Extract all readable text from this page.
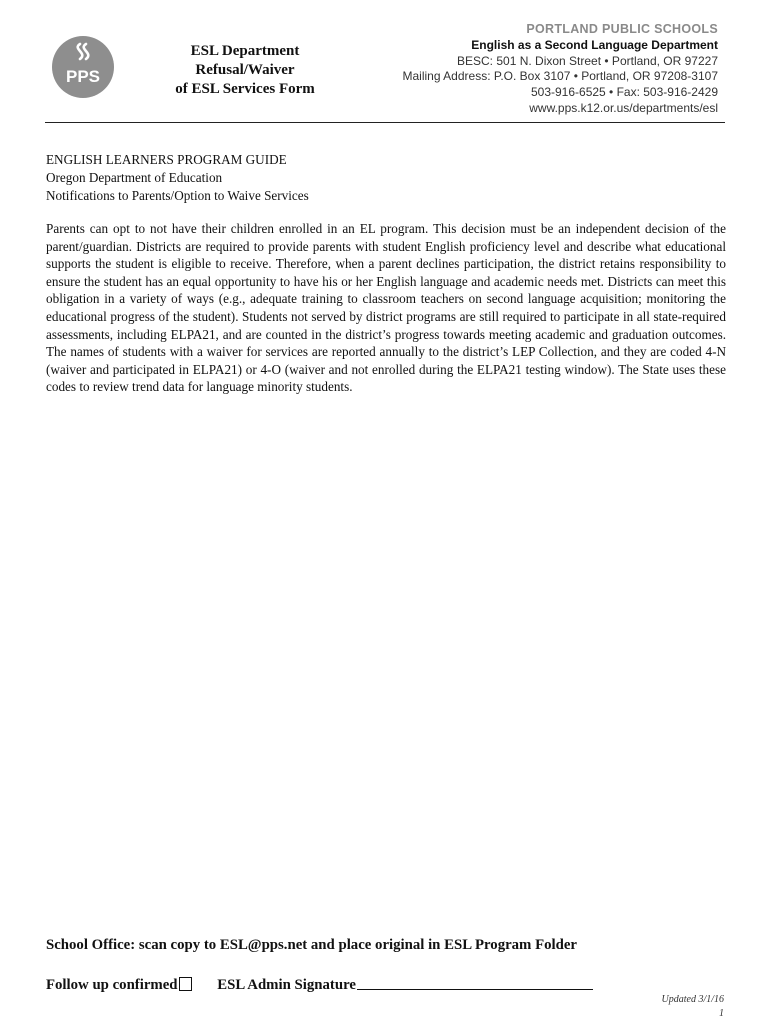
PPS
ESL Department
Refusal/Waiver
of ESL Services Form
PORTLAND PUBLIC SCHOOLS
English as a Second Language Department
BESC: 501 N. Dixon Street • Portland, OR 97227
Mailing Address: P.O. Box 3107 • Portland, OR 97208-3107
503-916-6525 • Fax: 503-916-2429
www.pps.k12.or.us/departments/esl
ENGLISH LEARNERS PROGRAM GUIDE
Oregon Department of Education
Notifications to Parents/Option to Waive Services

Parents can opt to not have their children enrolled in an EL program. This decision must be an independent decision of the parent/guardian. Districts are required to provide parents with student English proficiency level and describe what educational supports the student is eligible to receive. Therefore, when a parent declines participation, the district retains responsibility to ensure the student has an equal opportunity to have his or her English language and academic needs met. Districts can meet this obligation in a variety of ways (e.g., adequate training to classroom teachers on second language acquisition; monitoring the educational progress of the student). Students not served by district programs are still required to participate in all state-required assessments, including ELPA21, and are counted in the district’s progress towards meeting academic and graduation outcomes. The names of students with a waiver for services are reported annually to the district’s LEP Collection, and they are coded 4-N (waiver and participated in ELPA21) or 4-O (waiver and not enrolled during the ELPA21 testing window). The State uses these codes to review trend data for language minority students.

School Office: scan copy to ESL@pps.net and place original in ESL Program Folder
Follow up confirmed	ESL Admin Signature
Updated 3/1/16
1
